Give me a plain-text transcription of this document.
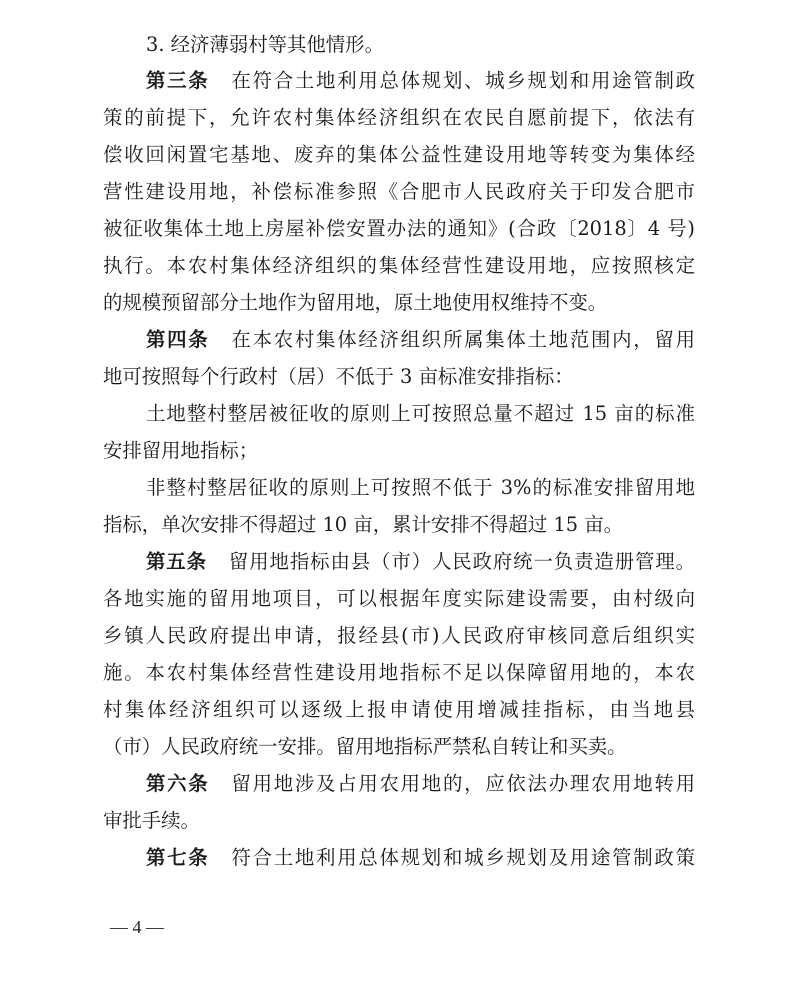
3. 经济薄弱村等其他情形。
第三条 在符合土地利用总体规划、城乡规划和用途管制政
策的前提下，允许农村集体经济组织在农民自愿前提下，依法有
偿收回闲置宅基地、废弃的集体公益性建设用地等转变为集体经
营性建设用地，补偿标准参照《合肥市人民政府关于印发合肥市
被征收集体土地上房屋补偿安置办法的通知》(合政〔2018〕4 号)
执行。本农村集体经济组织的集体经营性建设用地，应按照核定
的规模预留部分土地作为留用地，原土地使用权维持不变。
第四条 在本农村集体经济组织所属集体土地范围内，留用
地可按照每个行政村（居）不低于 3 亩标准安排指标：
土地整村整居被征收的原则上可按照总量不超过 15 亩的标准
安排留用地指标；
非整村整居征收的原则上可按照不低于 3%的标准安排留用地
指标，单次安排不得超过 10 亩，累计安排不得超过 15 亩。
第五条 留用地指标由县（市）人民政府统一负责造册管理。
各地实施的留用地项目，可以根据年度实际建设需要，由村级向
乡镇人民政府提出申请，报经县(市)人民政府审核同意后组织实
施。本农村集体经营性建设用地指标不足以保障留用地的，本农
村集体经济组织可以逐级上报申请使用增减挂指标，由当地县
（市）人民政府统一安排。留用地指标严禁私自转让和买卖。
第六条 留用地涉及占用农用地的，应依法办理农用地转用
审批手续。
第七条 符合土地利用总体规划和城乡规划及用途管制政策
— 4 —
